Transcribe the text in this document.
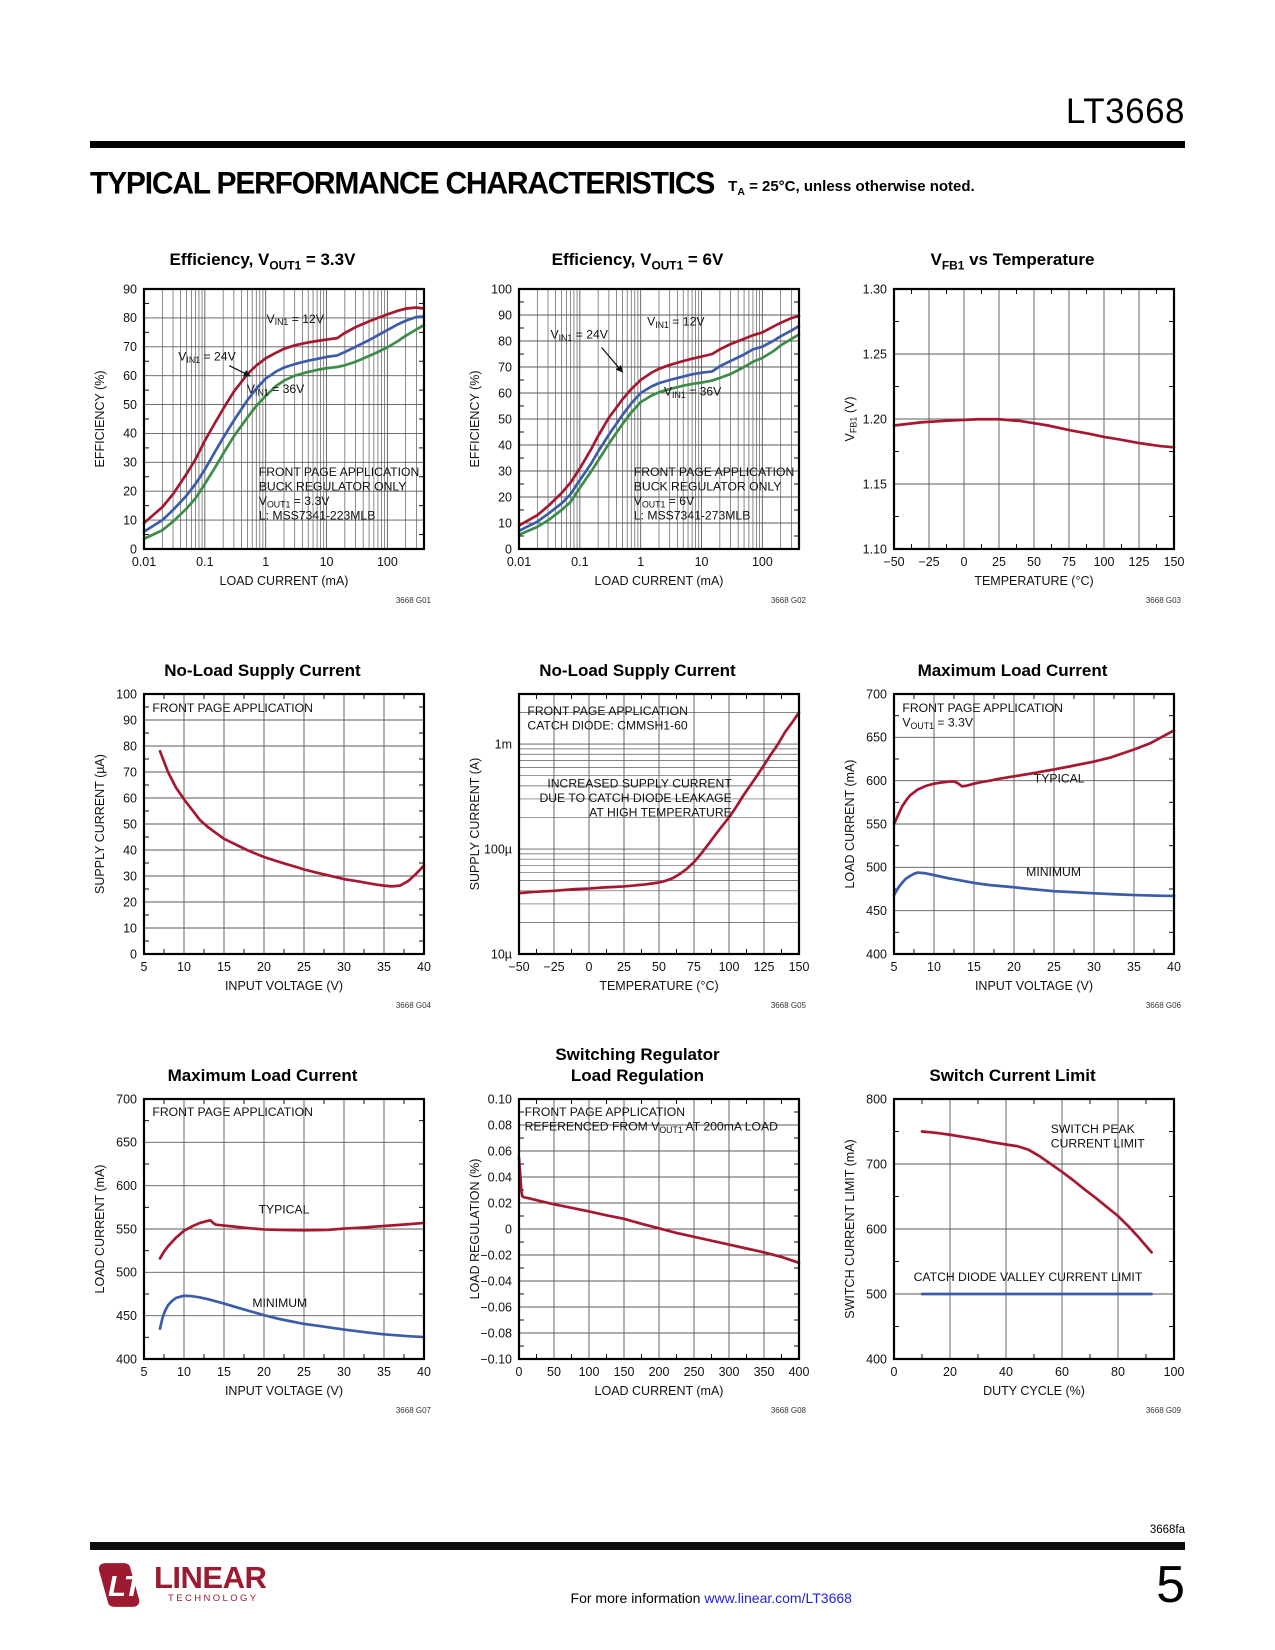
LT3668
TYPICAL PERFORMANCE CHARACTERISTICS $T_A = 25^\circ C$, unless otherwise noted.
Efficiency, $V_{OUT1} = 3.3V$
0.01	0.1	1	10	100
0
10
20
30
40
50
60
70
80
90
LOAD CURRENT (mA)
EFFICIENCY (%)
FRONT PAGE APPLICATION
BUCK REGULATOR ONLY
VOUT1 = 3.3V
L: MSS7341-223MLB
VIN1 = 12V
VIN1 = 24V
VIN1 = 36V
3668 G01
Efficiency, $V_{OUT1} = 6V$
0.01	0.1	1	10	100
0
10
20
30
40
50
60
70
80
90
100
LOAD CURRENT (mA)
EFFICIENCY (%)
FRONT PAGE APPLICATION
BUCK REGULATOR ONLY
VOUT1 = 6V
L: MSS7341-273MLB
VIN1 = 12V
VIN1 = 24V
VIN1 = 36V
3668 G02
$V_{FB1}$ vs Temperature
−50 −25 0 25 50 75 100 125 150
1.10
1.15
1.20
1.25
1.30
TEMPERATURE (°C)
$V_{FB1}$ (V)
3668 G03
No-Load Supply Current
5 10 15 20 25 30 35 40
0
10
20
30
40
50
60
70
80
90
100
INPUT VOLTAGE (V)
SUPPLY CURRENT (µA)
FRONT PAGE APPLICATION
3668 G04
No-Load Supply Current
−50 −25 0 25 50 75 100 125 150
10µ
100µ
1m
TEMPERATURE (°C)
SUPPLY CURRENT (A)
FRONT PAGE APPLICATION
CATCH DIODE: CMMSH1-60
INCREASED SUPPLY CURRENT
DUE TO CATCH DIODE LEAKAGE
AT HIGH TEMPERATURE
3668 G05
Maximum Load Current
5 10 15 20 25 30 35 40
400
450
500
550
600
650
700
INPUT VOLTAGE (V)
LOAD CURRENT (mA)
FRONT PAGE APPLICATION
VOUT1 = 3.3V
TYPICAL
MINIMUM
3668 G06
Maximum Load Current
5 10 15 20 25 30 35 40
400
450
500
550
600
650
700
INPUT VOLTAGE (V)
LOAD CURRENT (mA)
FRONT PAGE APPLICATION
TYPICAL
MINIMUM
3668 G07
Switching Regulator
Load Regulation
0 50 100 150 200 250 300 350 400
−0.10
−0.08
−0.06
−0.04
−0.02
0
0.02
0.04
0.06
0.08
0.10
LOAD CURRENT (mA)
LOAD REGULATION (%)
FRONT PAGE APPLICATION
REFERENCED FROM VOUT1 AT 200mA LOAD
3668 G08
Switch Current Limit
0	20	40	60	80	100
400
500
600
700
800
DUTY CYCLE (%)
SWITCH CURRENT LIMIT (mA)
SWITCH PEAK
CURRENT LIMIT
CATCH DIODE VALLEY CURRENT LIMIT
3668 G09
3668fa
LT LINEAR
TECHNOLOGY	For more information www.linear.com/LT3668	5
